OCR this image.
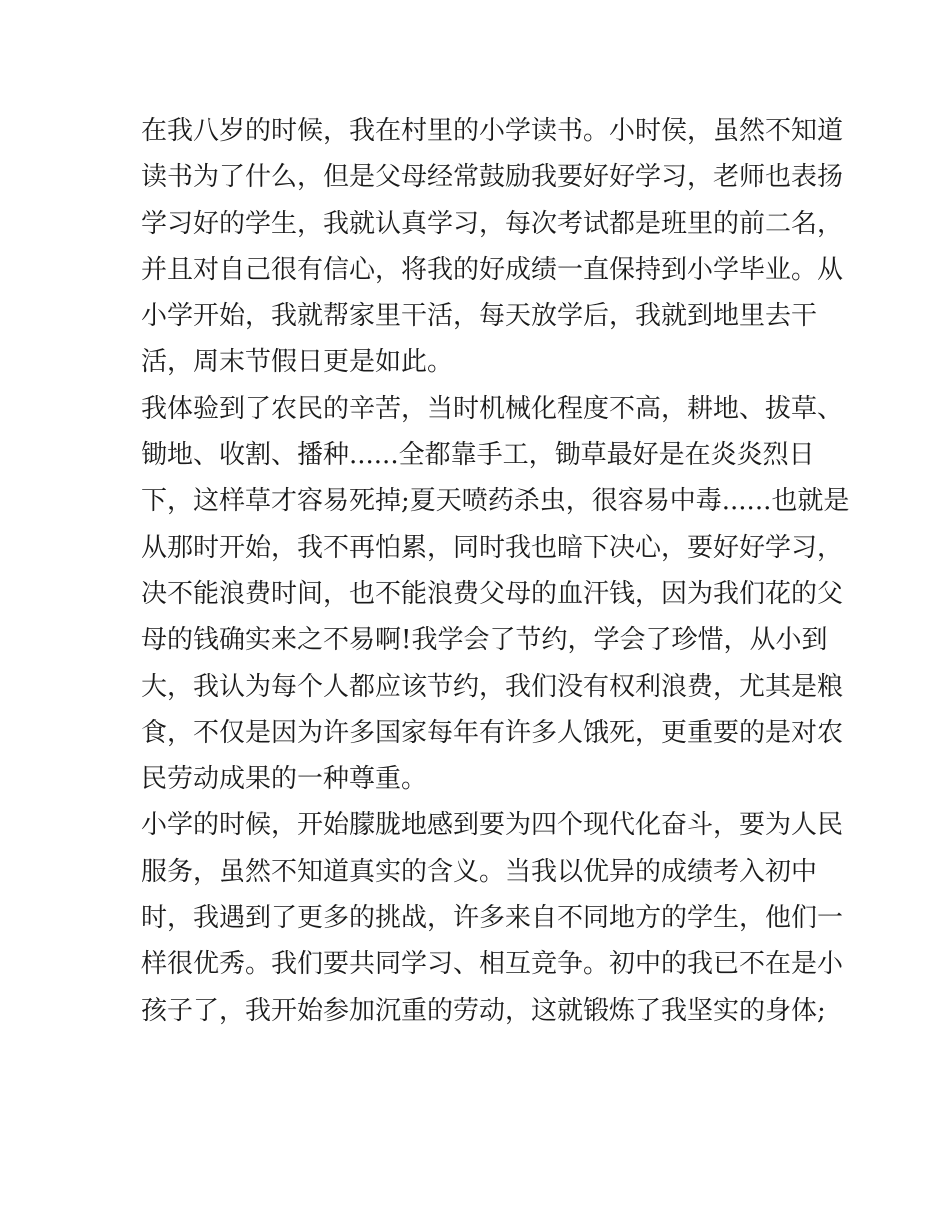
在我八岁的时候，我在村里的小学读书。小时侯，虽然不知道
读书为了什么，但是父母经常鼓励我要好好学习，老师也表扬
学习好的学生，我就认真学习，每次考试都是班里的前二名，
并且对自己很有信心，将我的好成绩一直保持到小学毕业。从
小学开始，我就帮家里干活，每天放学后，我就到地里去干
活，周末节假日更是如此。
我体验到了农民的辛苦，当时机械化程度不高，耕地、拔草、
锄地、收割、播种......全都靠手工，锄草最好是在炎炎烈日
下，这样草才容易死掉;夏天喷药杀虫，很容易中毒......也就是
从那时开始，我不再怕累，同时我也暗下决心，要好好学习，
决不能浪费时间，也不能浪费父母的血汗钱，因为我们花的父
母的钱确实来之不易啊!我学会了节约，学会了珍惜，从小到
大，我认为每个人都应该节约，我们没有权利浪费，尤其是粮
食，不仅是因为许多国家每年有许多人饿死，更重要的是对农
民劳动成果的一种尊重。
小学的时候，开始朦胧地感到要为四个现代化奋斗，要为人民
服务，虽然不知道真实的含义。当我以优异的成绩考入初中
时，我遇到了更多的挑战，许多来自不同地方的学生，他们一
样很优秀。我们要共同学习、相互竞争。初中的我已不在是小
孩子了，我开始参加沉重的劳动，这就锻炼了我坚实的身体;
